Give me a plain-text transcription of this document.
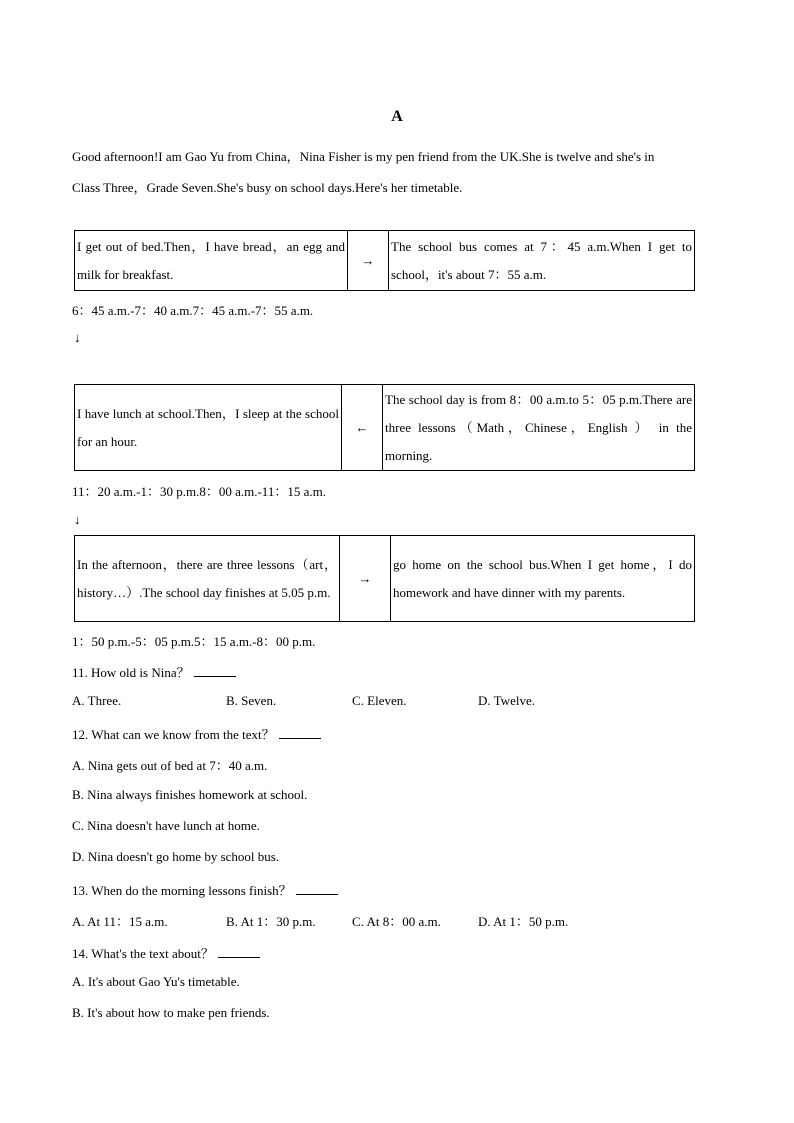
A
Good afternoon!I am Gao Yu from China，Nina Fisher is my pen friend from the UK.She is twelve and she's in
Class Three，Grade Seven.She's busy on school days.Here's her timetable.
I get out of bed.Then，I have bread，an egg and milk for breakfast.	→	The school bus comes at 7：45 a.m.When I get to school，it's about 7：55 a.m.
6：45 a.m.-7：40 a.m.7：45 a.m.-7：55 a.m.
↓
I have lunch at school.Then，I sleep at the school for an hour.	←	The school day is from 8：00 a.m.to 5：05 p.m.There are three lessons（Math，Chinese，English ） in the morning.
11：20 a.m.-1：30 p.m.8：00 a.m.-11：15 a.m.
↓
In the afternoon，there are three lessons（art，history…）.The school day finishes at 5.05 p.m.	→	go home on the school bus.When I get home，I do homework and have dinner with my parents.
1：50 p.m.-5：05 p.m.5：15 a.m.-8：00 p.m.
11. How old is Nina？
A. Three.	B. Seven.	C. Eleven.	D. Twelve.
12. What can we know from the text？
A. Nina gets out of bed at 7：40 a.m.
B. Nina always finishes homework at school.
C. Nina doesn't have lunch at home.
D. Nina doesn't go home by school bus.
13. When do the morning lessons finish？
A. At 11：15 a.m.	B. At 1：30 p.m.	C. At 8：00 a.m.	D. At 1：50 p.m.
14. What's the text about？
A. It's about Gao Yu's timetable.
B. It's about how to make pen friends.
